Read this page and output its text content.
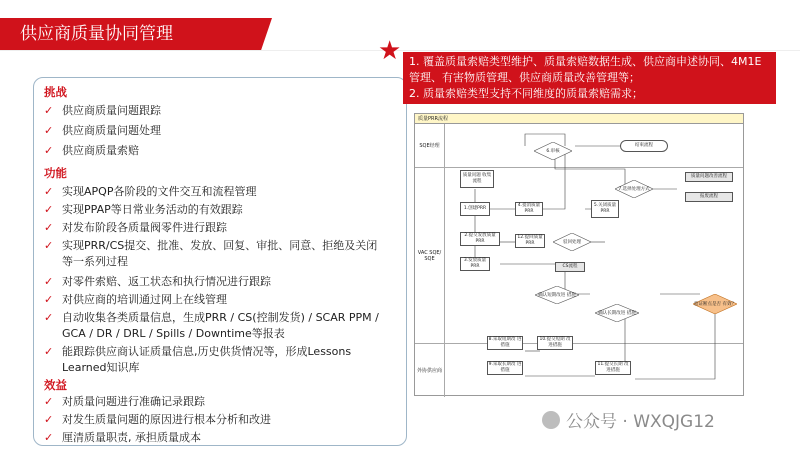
供应商质量协同管理
挑战
✓ 供应商质量问题跟踪
✓ 供应商质量问题处理
✓ 供应商质量索赔
功能
✓ 实现APQP各阶段的文件交互和流程管理
✓ 实现PPAP等日常业务活动的有效跟踪
✓ 对发布阶段各质量阀零件进行跟踪
✓ 实现PRR/CS提交、批准、发放、回复、审批、同意、拒绝及关闭等一系列过程
✓ 对零件索赔、返工状态和执行情况进行跟踪
✓ 对供应商的培训通过网上在线管理
✓ 自动收集各类质量信息，生成PRR / CS(控制发货) / SCAR PPM / GCA / DR / DRL / Spills / Downtime等报表
✓ 能跟踪供应商认证质量信息,历史供货情况等，形成Lessons Learned知识库
效益
✓ 对质量问题进行准确记录跟踪
✓ 对发生质量问题的原因进行根本分析和改进
✓ 厘清质量职责, 承担质量成本
★ 1. 覆盖质量索赔类型维护、质量索赔数据生成、供应商申述协同、4M1E管理、有害物质管理、供应商质量改善管理等；
2. 质量索赔类型支持不同维度的质量索赔需求；
质量PRR流程
SQE经理
VAC SQE/ SQE
外协供应商
6.审核
结束流程
质量问题 收集流程
1.创建PRR
4.提消质量 PRR
5.关闭质量 PRR
2.提交发放质量 PRR
12.提回质量 PRR	驳回处理
CS流程
3.发放质量 PRR
7.选择处理方式
质量问题改善流程
报废流程
确认短期改进 措施
确认长期改进 措施
验证断点是否 有效？
8.采取短期改 进措施
10.提交短期 改进措施
9.采取长期改 进措施
11.提交长期 改进措施
公众号 · WXQJG12
